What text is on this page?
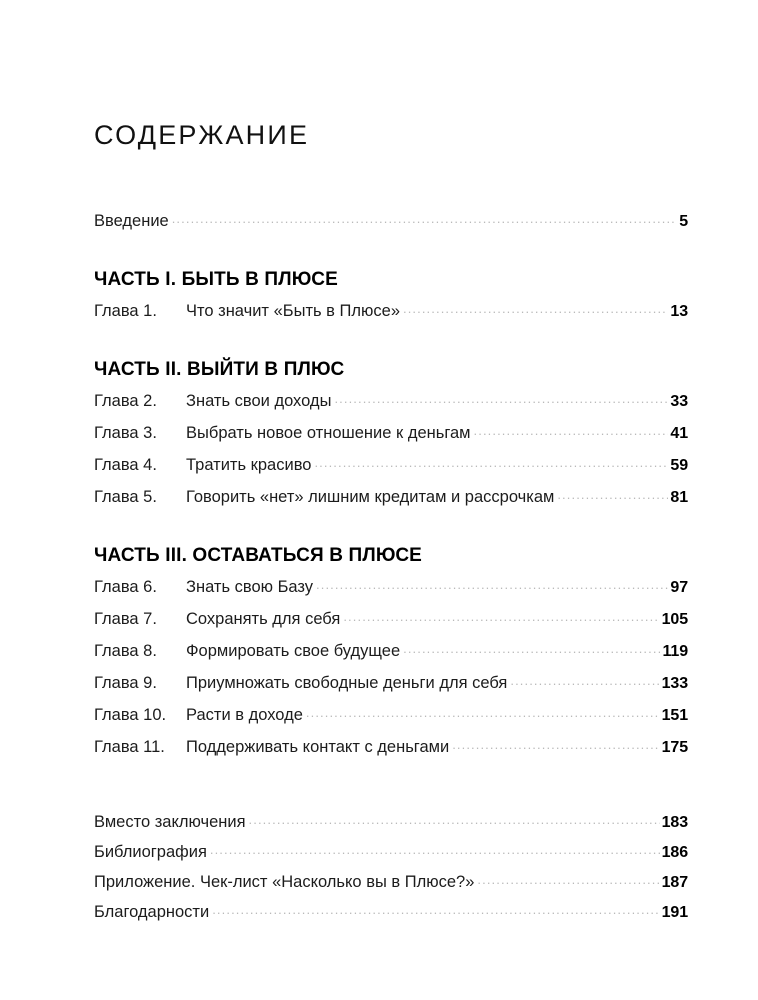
СОДЕРЖАНИЕ
Введение .....	5
ЧАСТЬ I. БЫТЬ В ПЛЮСЕ
Глава 1.	Что значит «Быть в Плюсе» .....	13
ЧАСТЬ II. ВЫЙТИ В ПЛЮС
Глава 2.	Знать свои доходы .....	33
Глава 3.	Выбрать новое отношение к деньгам .....	41
Глава 4.	Тратить красиво .....	59
Глава 5.	Говорить «нет» лишним кредитам и рассрочкам .....	81
ЧАСТЬ III. ОСТАВАТЬСЯ В ПЛЮСЕ
Глава 6.	Знать свою Базу .....	97
Глава 7.	Сохранять для себя .....	105
Глава 8.	Формировать свое будущее .....	119
Глава 9.	Приумножать свободные деньги для себя .....	133
Глава 10.	Расти в доходе .....	151
Глава 11.	Поддерживать контакт с деньгами .....	175
Вместо заключения .....	183
Библиография .....	186
Приложение. Чек-лист «Насколько вы в Плюсе?» .....	187
Благодарности .....	191
